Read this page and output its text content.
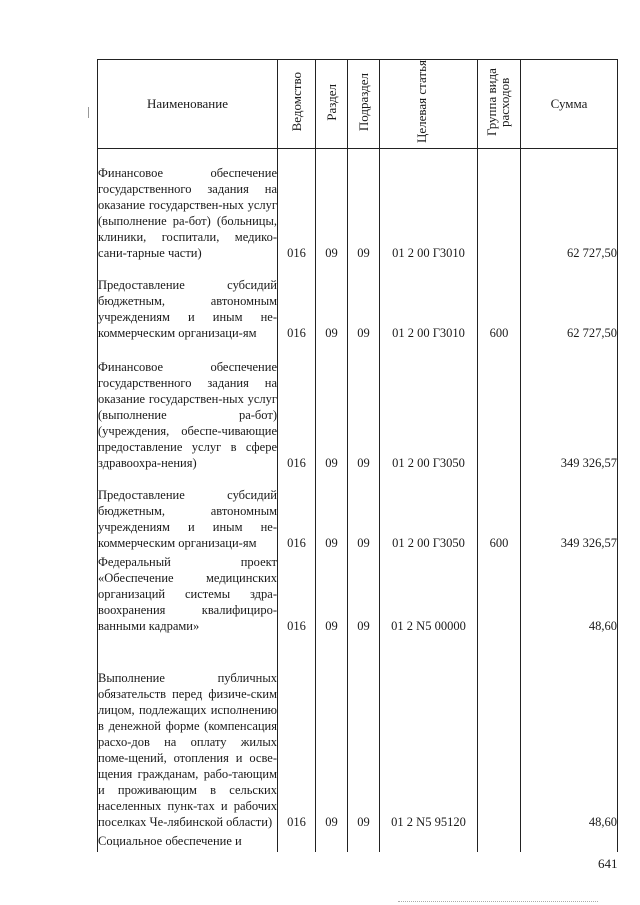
Наименование	Ведомство	Раздел	Подраздел	Целевая статья	Группа вида расходов	Сумма
Финансовое обеспечение государственного задания на оказание государствен-ных услуг (выполнение ра-бот) (больницы, клиники, госпитали, медико-сани-тарные части)	016	09	09	01 2 00 Г3010		62 727,50
Предоставление субсидий бюджетным, автономным учреждениям и иным не-коммерческим организаци-ям	016	09	09	01 2 00 Г3010	600	62 727,50
Финансовое обеспечение государственного задания на оказание государствен-ных услуг (выполнение ра-бот) (учреждения, обеспе-чивающие предоставление услуг в сфере здравоохра-нения)	016	09	09	01 2 00 Г3050		349 326,57
Предоставление субсидий бюджетным, автономным учреждениям и иным не-коммерческим организаци-ям	016	09	09	01 2 00 Г3050	600	349 326,57
Федеральный проект «Обеспечение медицинских организаций системы здра-воохранения квалифициро-ванными кадрами»	016	09	09	01 2 N5 00000		48,60
Выполнение публичных обязательств перед физиче-ским лицом, подлежащих исполнению в денежной форме (компенсация расхо-дов на оплату жилых поме-щений, отопления и осве-щения гражданам, рабо-тающим и проживающим в сельских населенных пунк-тах и рабочих поселках Че-лябинской области)	016	09	09	01 2 N5 95120		48,60
Социальное обеспечение и						
641
